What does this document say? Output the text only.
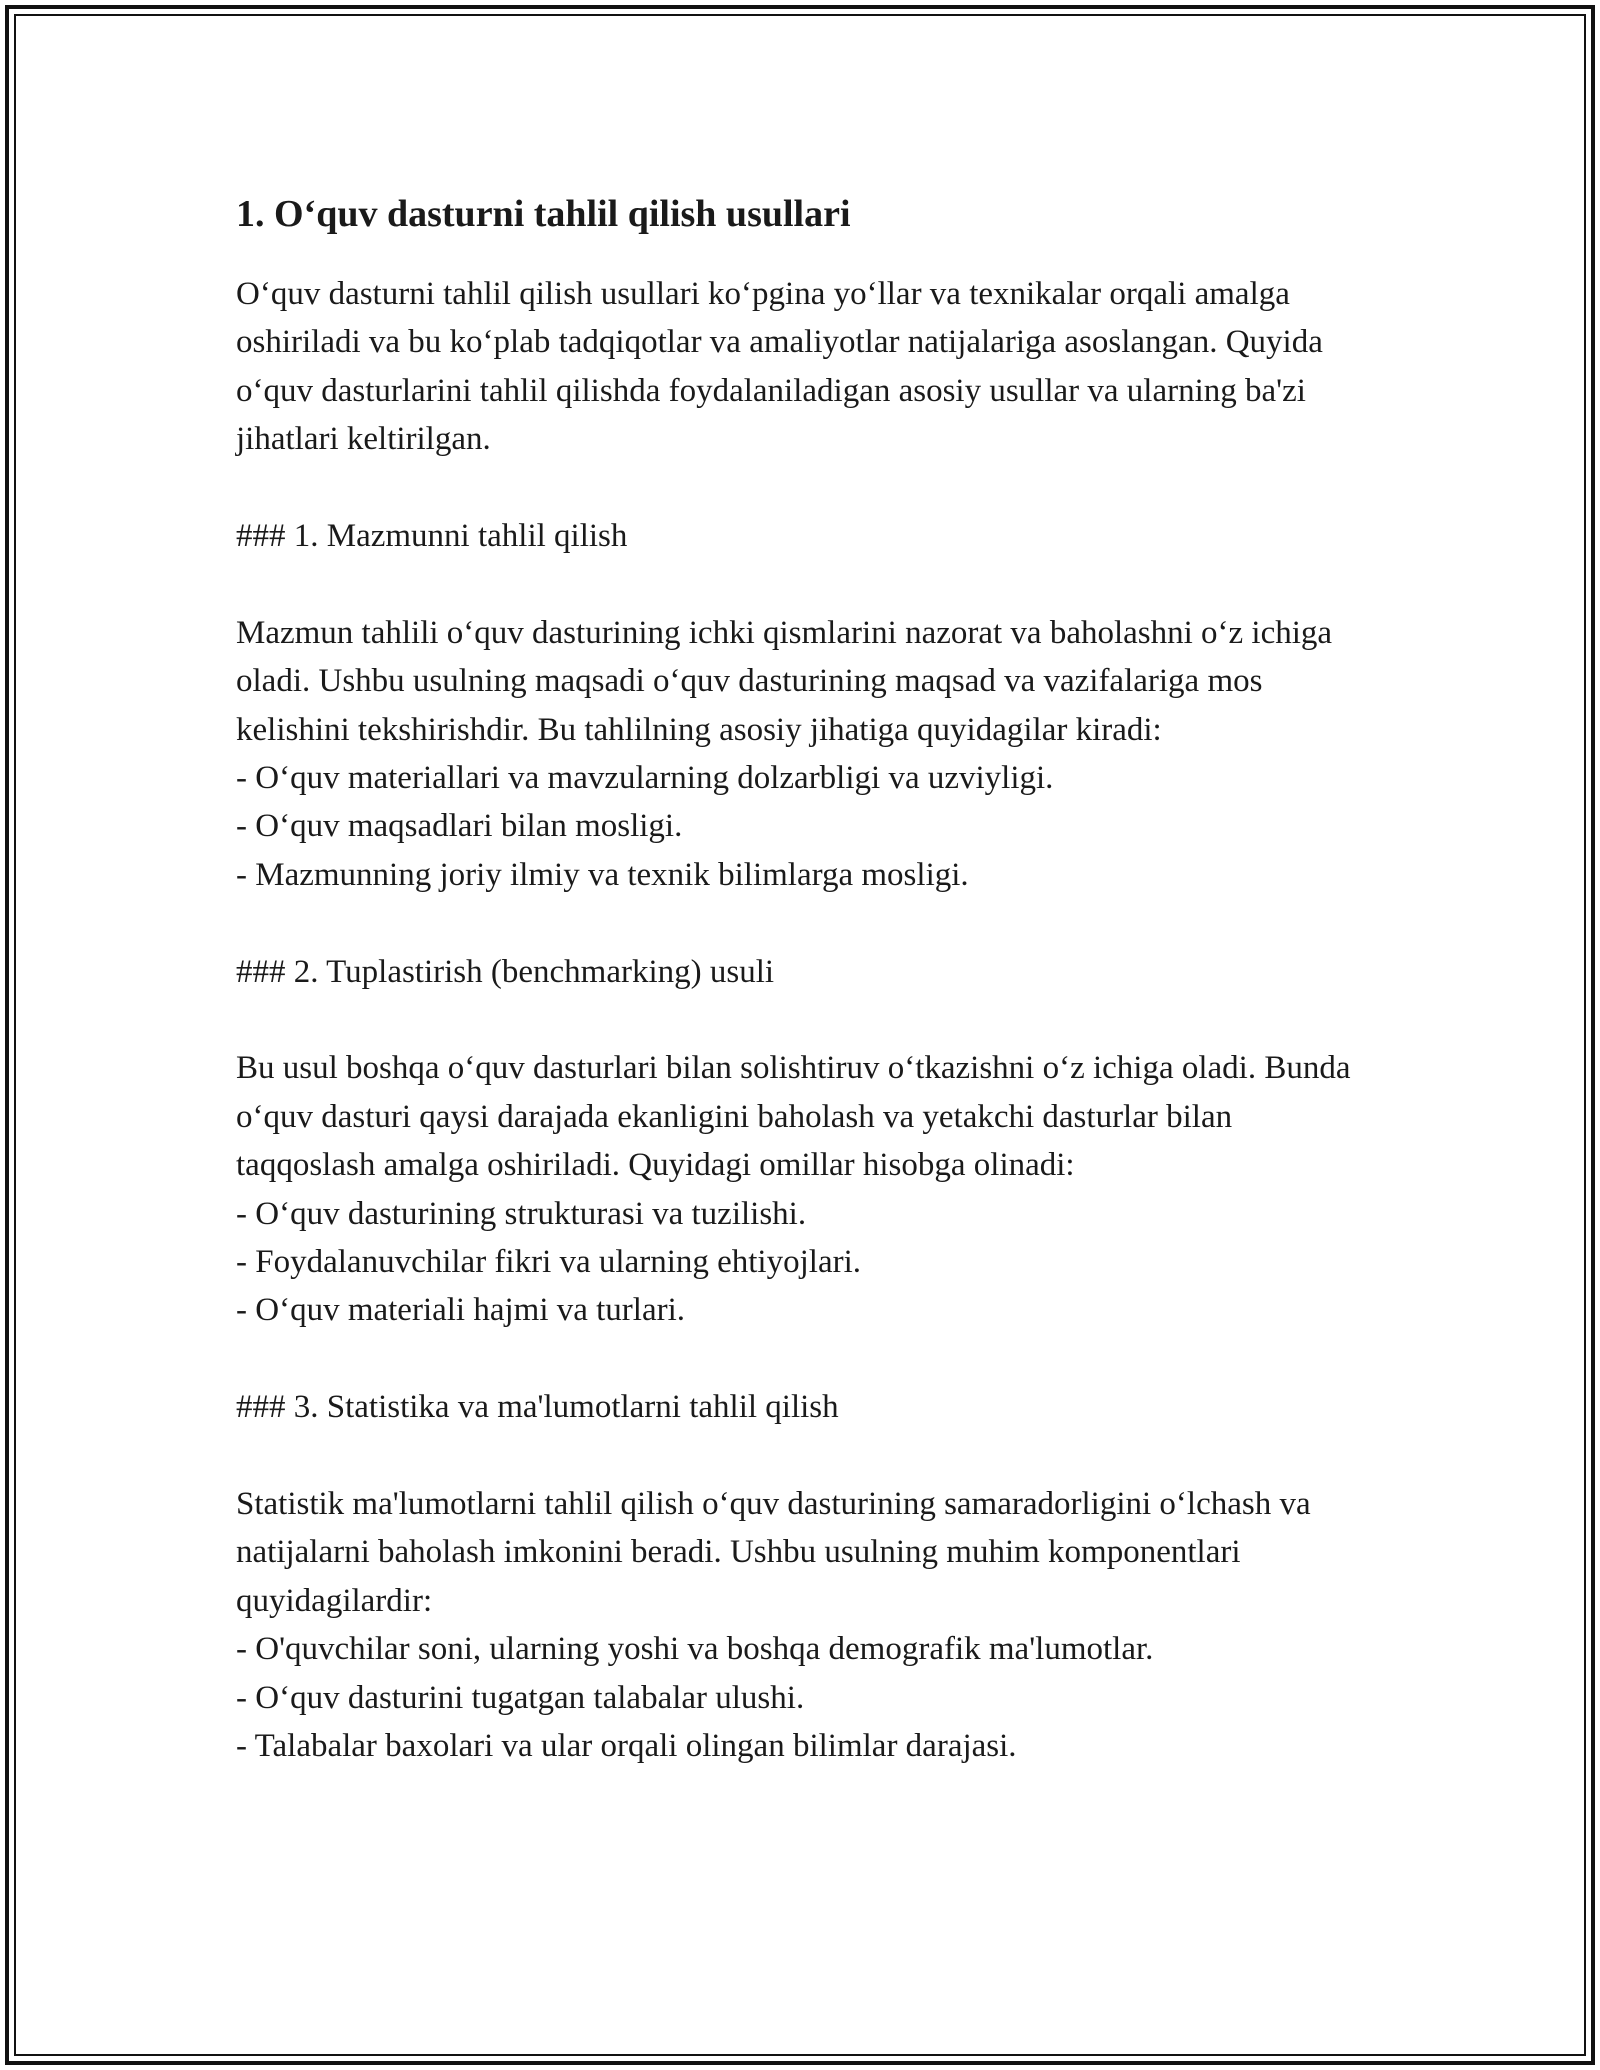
1. O‘quv dasturni tahlil qilish usullari

O‘quv dasturni tahlil qilish usullari ko‘pgina yo‘llar va texnikalar orqali amalga oshiriladi va bu ko‘plab tadqiqotlar va amaliyotlar natijalariga asoslangan. Quyida o‘quv dasturlarini tahlil qilishda foydalaniladigan asosiy usullar va ularning ba'zi jihatlari keltirilgan.

### 1. Mazmunni tahlil qilish

Mazmun tahlili o‘quv dasturining ichki qismlarini nazorat va baholashni o‘z ichiga oladi. Ushbu usulning maqsadi o‘quv dasturining maqsad va vazifalariga mos kelishini tekshirishdir. Bu tahlilning asosiy jihatiga quyidagilar kiradi:

- O‘quv materiallari va mavzularning dolzarbligi va uzviyligi.
- O‘quv maqsadlari bilan mosligi.
- Mazmunning joriy ilmiy va texnik bilimlarga mosligi.

### 2. Tuplastirish (benchmarking) usuli

Bu usul boshqa o‘quv dasturlari bilan solishtiruv o‘tkazishni o‘z ichiga oladi. Bunda o‘quv dasturi qaysi darajada ekanligini baholash va yetakchi dasturlar bilan taqqoslash amalga oshiriladi. Quyidagi omillar hisobga olinadi:

- O‘quv dasturining strukturasi va tuzilishi.
- Foydalanuvchilar fikri va ularning ehtiyojlari.
- O‘quv materiali hajmi va turlari.

### 3. Statistika va ma'lumotlarni tahlil qilish

Statistik ma'lumotlarni tahlil qilish o‘quv dasturining samaradorligini o‘lchash va natijalarni baholash imkonini beradi. Ushbu usulning muhim komponentlari quyidagilardir:

- O'quvchilar soni, ularning yoshi va boshqa demografik ma'lumotlar.
- O‘quv dasturini tugatgan talabalar ulushi.
- Talabalar baxolari va ular orqali olingan bilimlar darajasi.
